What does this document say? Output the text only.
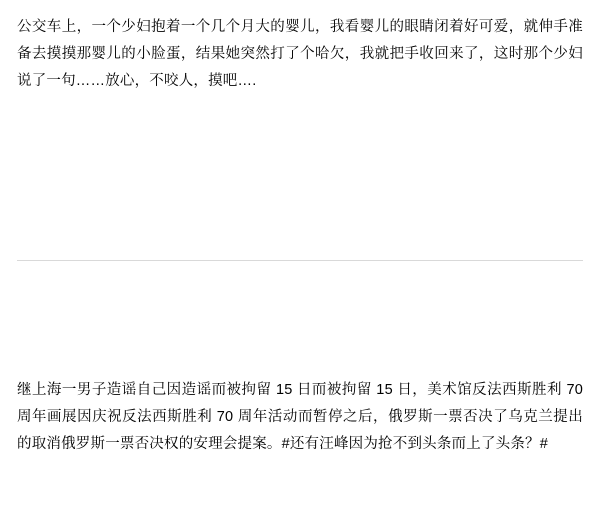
公交车上，一个少妇抱着一个几个月大的婴儿，我看婴儿的眼睛闭着好可爱，就伸手准备去摸摸那婴儿的小脸蛋，结果她突然打了个哈欠，我就把手收回来了，这时那个少妇说了一句……放心，不咬人，摸吧….

继上海一男子造谣自己因造谣而被拘留 15 日而被拘留 15 日，美术馆反法西斯胜利 70 周年画展因庆祝反法西斯胜利 70 周年活动而暂停之后，俄罗斯一票否决了乌克兰提出的取消俄罗斯一票否决权的安理会提案。#还有汪峰因为抢不到头条而上了头条？#
